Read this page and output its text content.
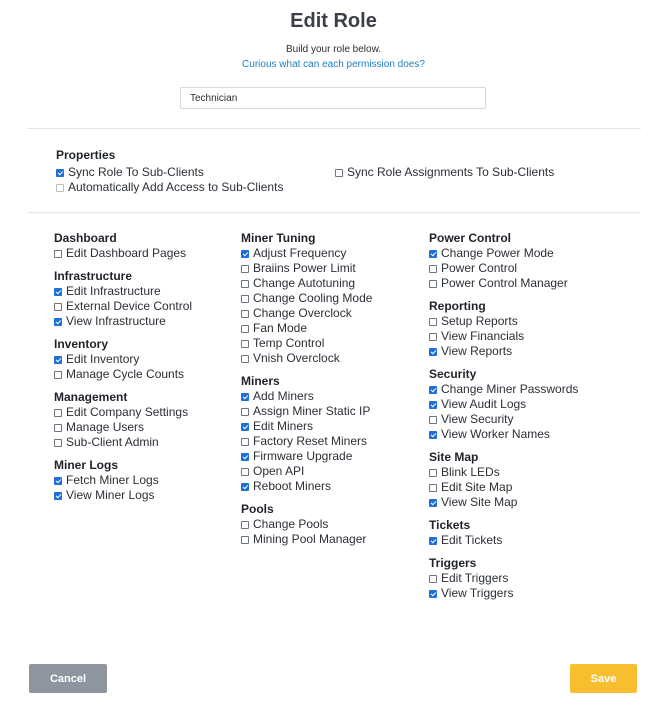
Edit Role
Build your role below.
Curious what can each permission does?
Technician
Properties
Sync Role To Sub-Clients
Automatically Add Access to Sub-Clients
Sync Role Assignments To Sub-Clients
Dashboard
Edit Dashboard Pages
Infrastructure
Edit Infrastructure
External Device Control
View Infrastructure
Inventory
Edit Inventory
Manage Cycle Counts
Management
Edit Company Settings
Manage Users
Sub-Client Admin
Miner Logs
Fetch Miner Logs
View Miner Logs
Miner Tuning
Adjust Frequency
Braiins Power Limit
Change Autotuning
Change Cooling Mode
Change Overclock
Fan Mode
Temp Control
Vnish Overclock
Miners
Add Miners
Assign Miner Static IP
Edit Miners
Factory Reset Miners
Firmware Upgrade
Open API
Reboot Miners
Pools
Change Pools
Mining Pool Manager
Power Control
Change Power Mode
Power Control
Power Control Manager
Reporting
Setup Reports
View Financials
View Reports
Security
Change Miner Passwords
View Audit Logs
View Security
View Worker Names
Site Map
Blink LEDs
Edit Site Map
View Site Map
Tickets
Edit Tickets
Triggers
Edit Triggers
View Triggers
Cancel	Save
